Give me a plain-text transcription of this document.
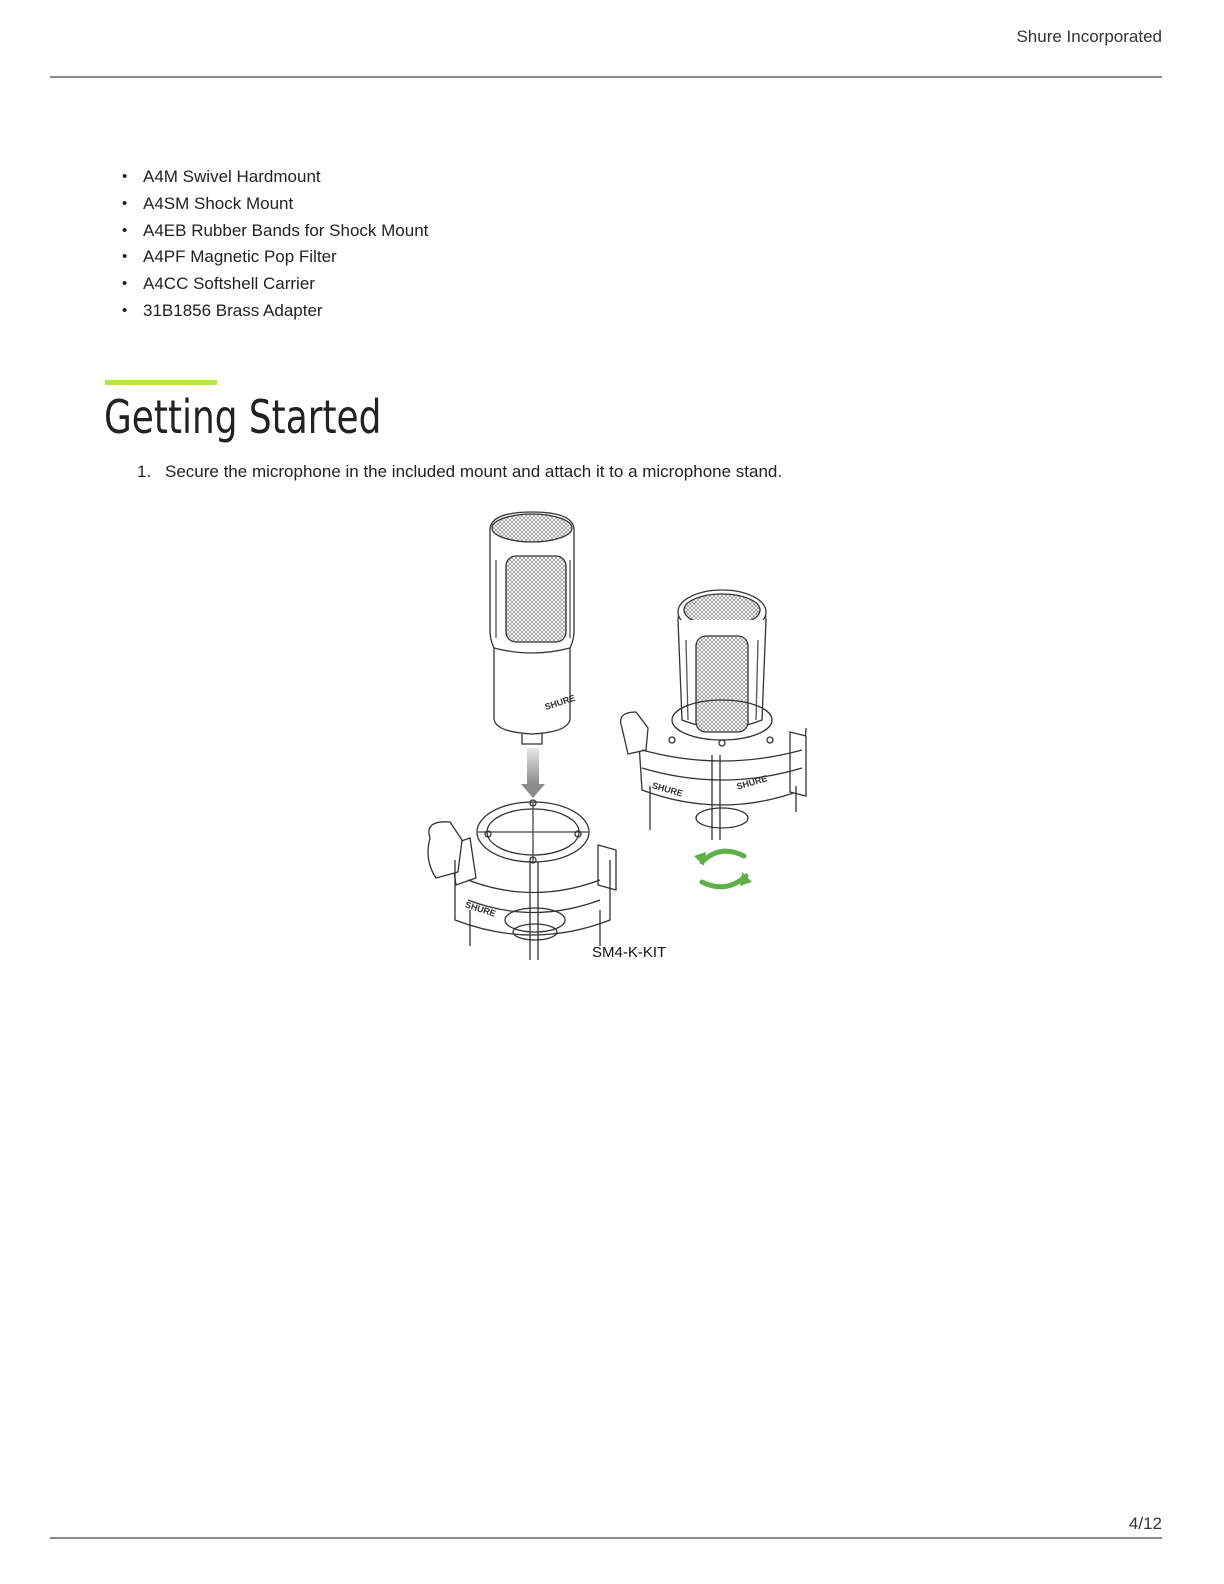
Shure Incorporated
• A4M Swivel Hardmount
• A4SM Shock Mount
• A4EB Rubber Bands for Shock Mount
• A4PF Magnetic Pop Filter
• A4CC Softshell Carrier
• 31B1856 Brass Adapter
Getting Started
1. Secure the microphone in the included mount and attach it to a microphone stand.
SHURE
SHURE
SHURE	SHURE
SM4-K-KIT
4/12
